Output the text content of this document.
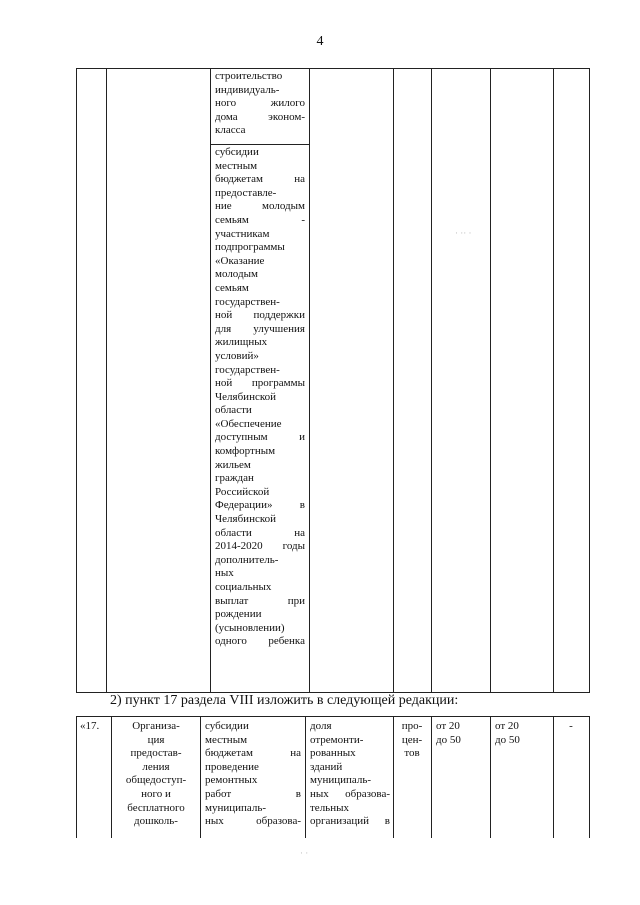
4
строительство
индивидуаль-
ного жилого
дома эконом-
класса
субсидии
местным
бюджетам на
предоставле-
ние молодым
семьям -
участникам
подпрограммы
«Оказание
молодым
семьям
государствен-
ной поддержки
для улучшения
жилищных
условий»
государствен-
ной программы
Челябинской
области
«Обеспечение
доступным и
комфортным
жильем
граждан
Российской
Федерации» в
Челябинской
области на
2014-2020 годы
дополнитель-
ных
социальных
выплат при
рождении
(усыновлении)
одного ребенка
2) пункт 17 раздела VIII изложить в следующей редакции:
«17.	Организа-
ция
предостав-
ления
общедоступ-
ного и
бесплатного
дошколь-
субсидии
местным
бюджетам на
проведение
ремонтных
работ в
муниципаль-
ных образова-
доля
отремонти-
рованных
зданий
муниципаль-
ных образова-
тельных
организаций в
про-
цен-
тов
от 20
до 50
от 20
до 50
-
· ·· ·
· ·
